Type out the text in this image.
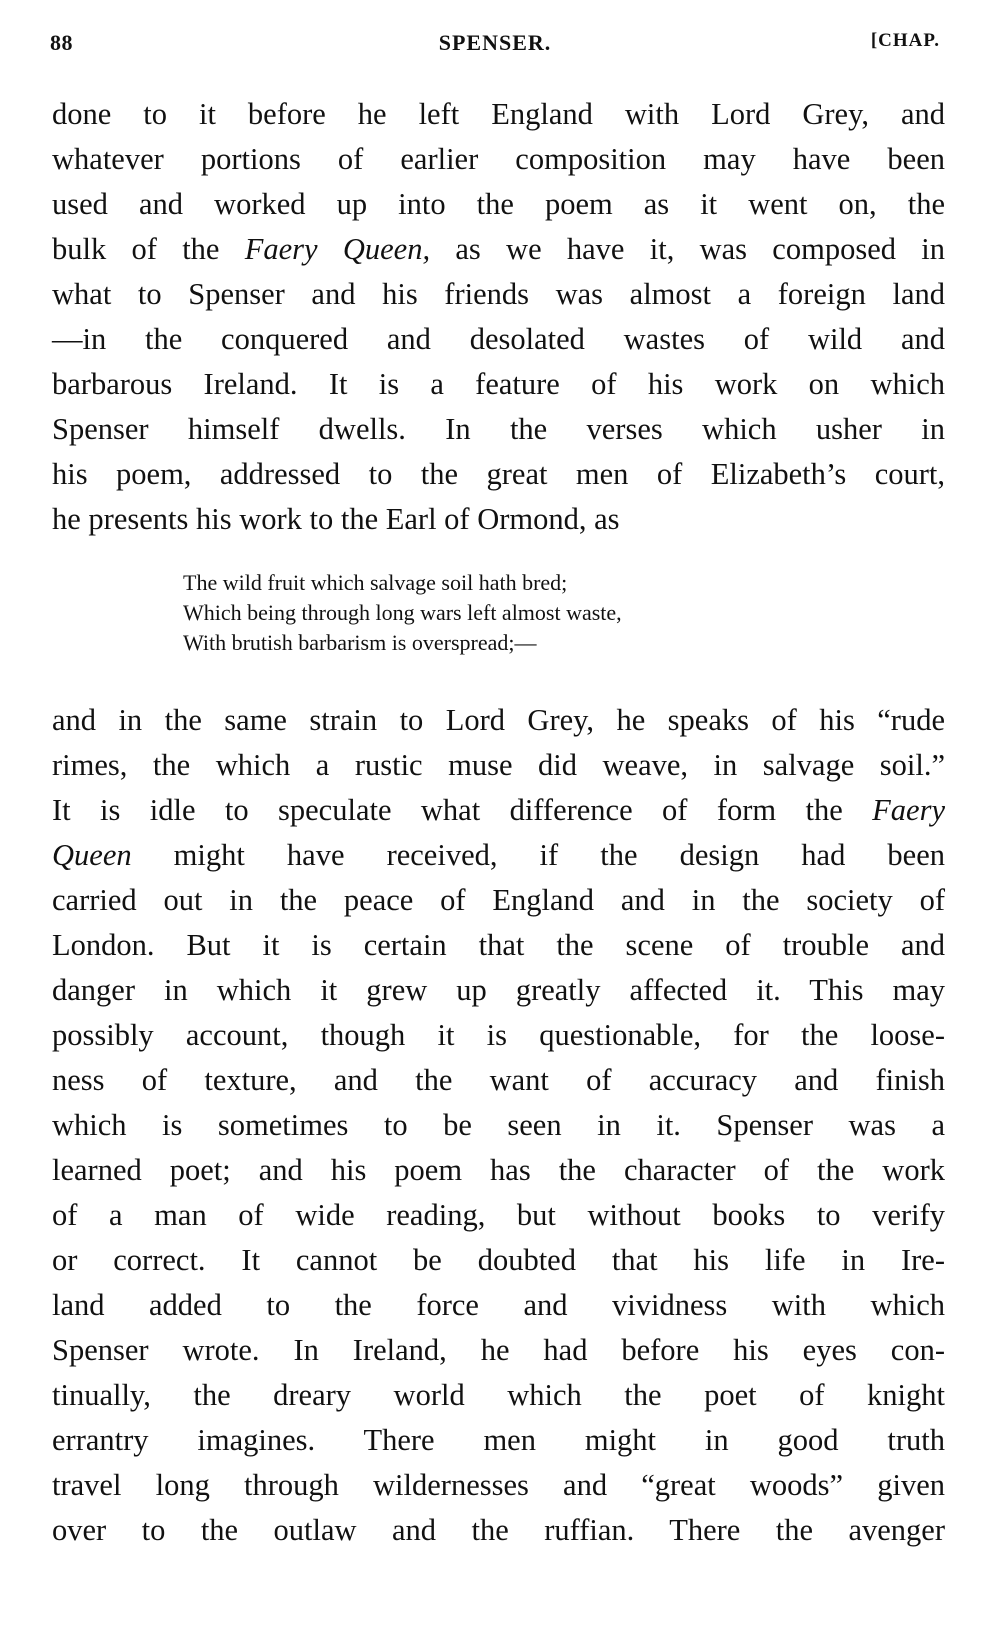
88	SPENSER.	[CHAP.
done to it before he left England with Lord Grey, and
whatever portions of earlier composition may have been
used and worked up into the poem as it went on, the
bulk of the Faery Queen, as we have it, was composed in
what to Spenser and his friends was almost a foreign land
—in the conquered and desolated wastes of wild and
barbarous Ireland. It is a feature of his work on which
Spenser himself dwells. In the verses which usher in
his poem, addressed to the great men of Elizabeth’s court,
he presents his work to the Earl of Ormond, as
The wild fruit which salvage soil hath bred;
Which being through long wars left almost waste,
With brutish barbarism is overspread;—
and in the same strain to Lord Grey, he speaks of his “rude
rimes, the which a rustic muse did weave, in salvage soil.”
It is idle to speculate what difference of form the Faery
Queen might have received, if the design had been
carried out in the peace of England and in the society of
London. But it is certain that the scene of trouble and
danger in which it grew up greatly affected it. This may
possibly account, though it is questionable, for the loose-
ness of texture, and the want of accuracy and finish
which is sometimes to be seen in it. Spenser was a
learned poet; and his poem has the character of the work
of a man of wide reading, but without books to verify
or correct. It cannot be doubted that his life in Ire-
land added to the force and vividness with which
Spenser wrote. In Ireland, he had before his eyes con-
tinually, the dreary world which the poet of knight
errantry imagines. There men might in good truth
travel long through wildernesses and “great woods” given
over to the outlaw and the ruffian. There the avenger
